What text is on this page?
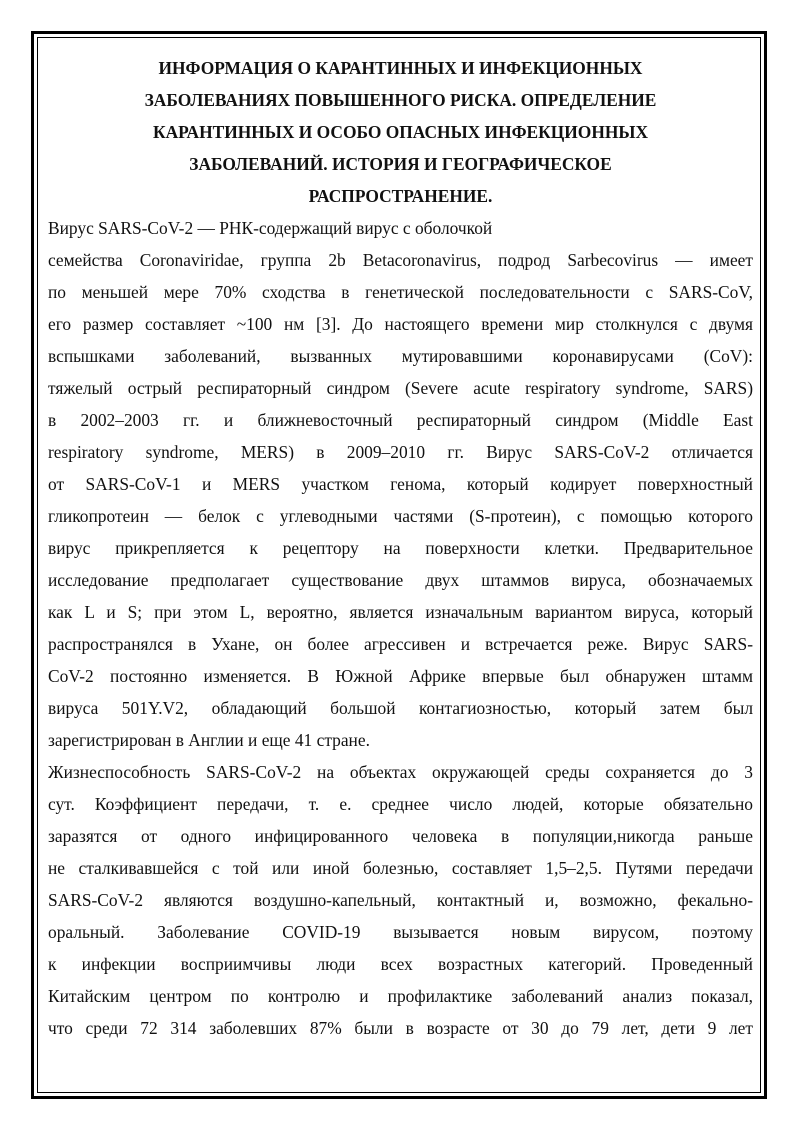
ИНФОРМАЦИЯ О КАРАНТИННЫХ И ИНФЕКЦИОННЫХ
ЗАБОЛЕВАНИЯХ ПОВЫШЕННОГО РИСКА. ОПРЕДЕЛЕНИЕ
КАРАНТИННЫХ И ОСОБО ОПАСНЫХ ИНФЕКЦИОННЫХ
ЗАБОЛЕВАНИЙ. ИСТОРИЯ И ГЕОГРАФИЧЕСКОЕ
РАСПРОСТРАНЕНИЕ.
Вирус SARS-CoV-2 — РНК-содержащий вирус с оболочкой
семейства Coronaviridae, группа 2b Betacoronavirus, подрод Sarbecovirus — имеет
по меньшей мере 70% сходства в генетической последовательности с SARS-CoV,
его размер составляет ~100 нм [3]. До настоящего времени мир столкнулся с двумя
вспышками заболеваний, вызванных мутировавшими коронавирусами (CoV):
тяжелый острый респираторный синдром (Severe acute respiratory syndrome, SARS)
в 2002–2003 гг. и ближневосточный респираторный синдром (Middle East
respiratory syndrome, MERS) в 2009–2010 гг. Вирус SARS-CoV-2 отличается
от SARS-CoV-1 и MERS участком генома, который кодирует поверхностный
гликопротеин — белок с углеводными частями (S-протеин), с помощью которого
вирус прикрепляется к рецептору на поверхности клетки. Предварительное
исследование предполагает существование двух штаммов вируса, обозначаемых
как L и S; при этом L, вероятно, является изначальным вариантом вируса, который
распространялся в Ухане, он более агрессивен и встречается реже. Вирус SARS-
CoV-2 постоянно изменяется. В Южной Африке впервые был обнаружен штамм
вируса 501Y.V2, обладающий большой контагиозностью, который затем был
зарегистрирован в Англии и еще 41 стране.
Жизнеспособность SARS-CoV-2 на объектах окружающей среды сохраняется до 3
сут. Коэффициент передачи, т. е. среднее число людей, которые обязательно
заразятся от одного инфицированного человека в популяции,никогда раньше
не сталкивавшейся с той или иной болезнью, составляет 1,5–2,5. Путями передачи
SARS-CoV-2 являются воздушно-капельный, контактный и, возможно, фекально-
оральный. Заболевание COVID-19 вызывается новым вирусом, поэтому
к инфекции восприимчивы люди всех возрастных категорий. Проведенный
Китайским центром по контролю и профилактике заболеваний анализ показал,
что среди 72 314 заболевших 87% были в возрасте от 30 до 79 лет, дети 9 лет
